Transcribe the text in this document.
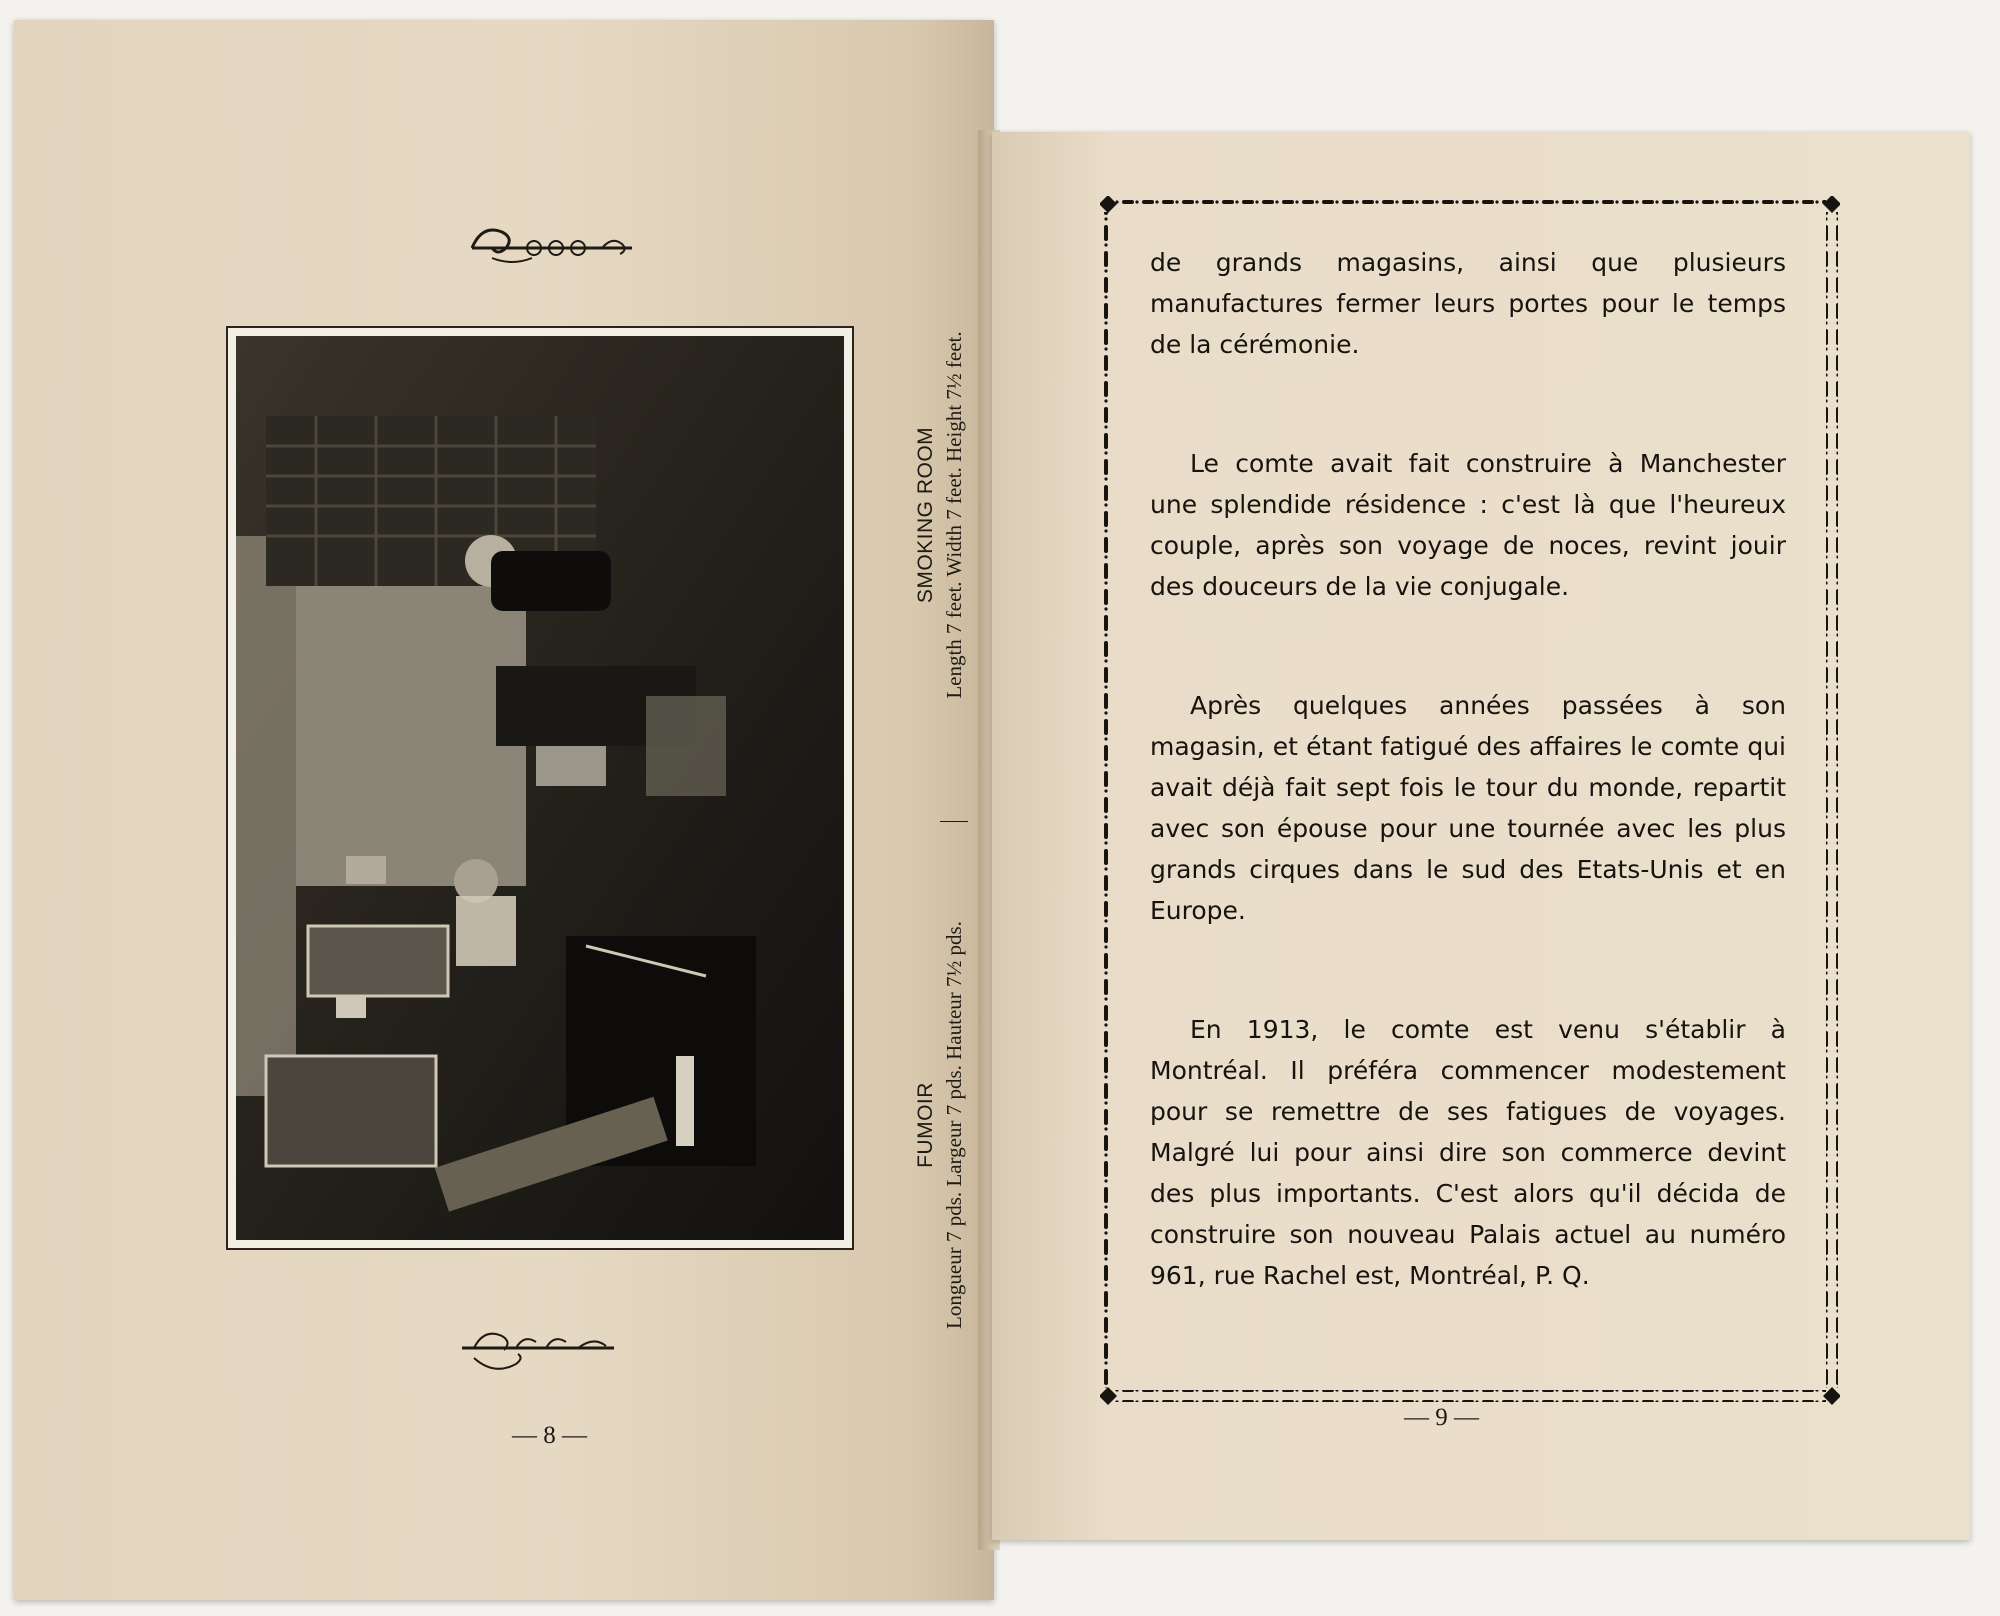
FUMOIR
SMOKING ROOM
Longueur 7 pds. Largeur 7 pds. Hauteur 7½ pds.
Length 7 feet. Width 7 feet. Height 7½ feet.
— 8 —

de grands magasins, ainsi que plusieurs manufactures fermer leurs portes pour le temps de la cérémonie.

Le comte avait fait construire à Manchester une splendide résidence : c'est là que l'heureux couple, après son voyage de noces, revint jouir des douceurs de la vie conjugale.

Après quelques années passées à son magasin, et étant fatigué des affaires le comte qui avait déjà fait sept fois le tour du monde, repartit avec son épouse pour une tournée avec les plus grands cirques dans le sud des Etats-Unis et en Europe.

En 1913, le comte est venu s'établir à Montréal. Il préféra commencer modestement pour se remettre de ses fatigues de voyages. Malgré lui pour ainsi dire son commerce devint des plus importants. C'est alors qu'il décida de construire son nouveau Palais actuel au numéro 961, rue Rachel est, Montréal, P. Q.

— 9 —
